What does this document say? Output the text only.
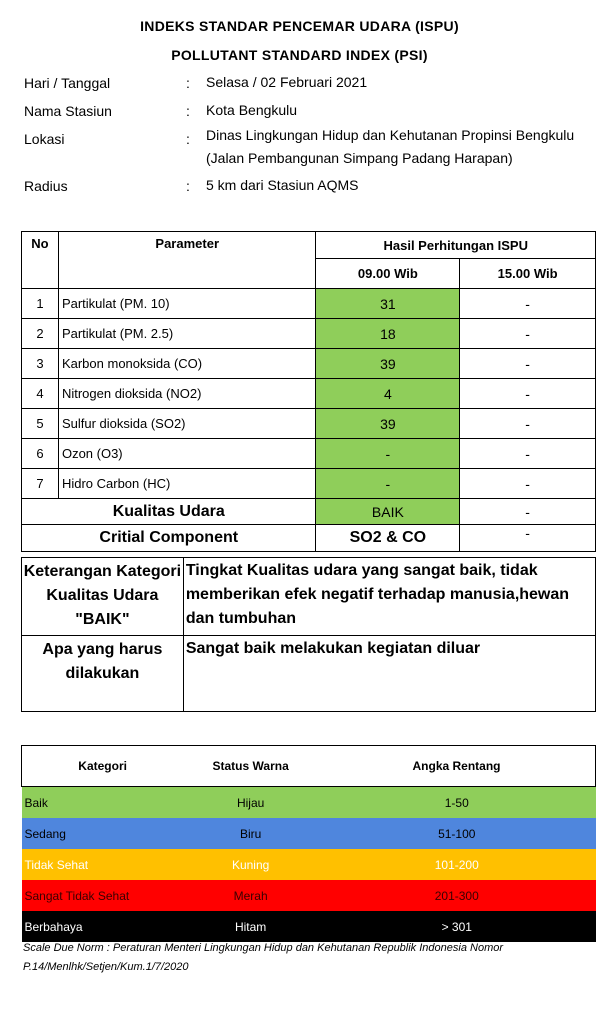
INDEKS STANDAR PENCEMAR UDARA (ISPU)
POLLUTANT STANDARD INDEX (PSI)
Hari / Tanggal	: Selasa / 02 Februari 2021
Nama Stasiun	: Kota Bengkulu
Lokasi	: Dinas Lingkungan Hidup dan Kehutanan Propinsi Bengkulu
(Jalan Pembangunan Simpang Padang Harapan)
Radius	: 5 km dari Stasiun AQMS
No	Parameter	Hasil Perhitungan ISPU	
		09.00 Wib	15.00 Wib
1	Partikulat (PM. 10)	31	-
2	Partikulat (PM. 2.5)	18	-
3	Karbon monoksida (CO)	39	-
4	Nitrogen dioksida (NO2)	4	-
5	Sulfur dioksida (SO2)	39	-
6	Ozon (O3)	-	-
7	Hidro Carbon (HC)	-	-
Kualitas Udara		BAIK	-
Critial Component		SO2 & CO	-
Keterangan Kategori Kualitas Udara "BAIK"	Tingkat Kualitas udara yang sangat baik, tidak memberikan efek negatif terhadap manusia,hewan dan tumbuhan
Apa yang harus dilakukan	Sangat baik melakukan kegiatan diluar
Kategori	Status Warna	Angka Rentang
Baik	Hijau	1-50
Sedang	Biru	51-100
Tidak Sehat	Kuning	101-200
Sangat Tidak Sehat	Merah	201-300
Berbahaya	Hitam	> 301
Scale Due Norm : Peraturan Menteri Lingkungan Hidup dan Kehutanan Republik Indonesia Nomor
P.14/Menlhk/Setjen/Kum.1/7/2020
